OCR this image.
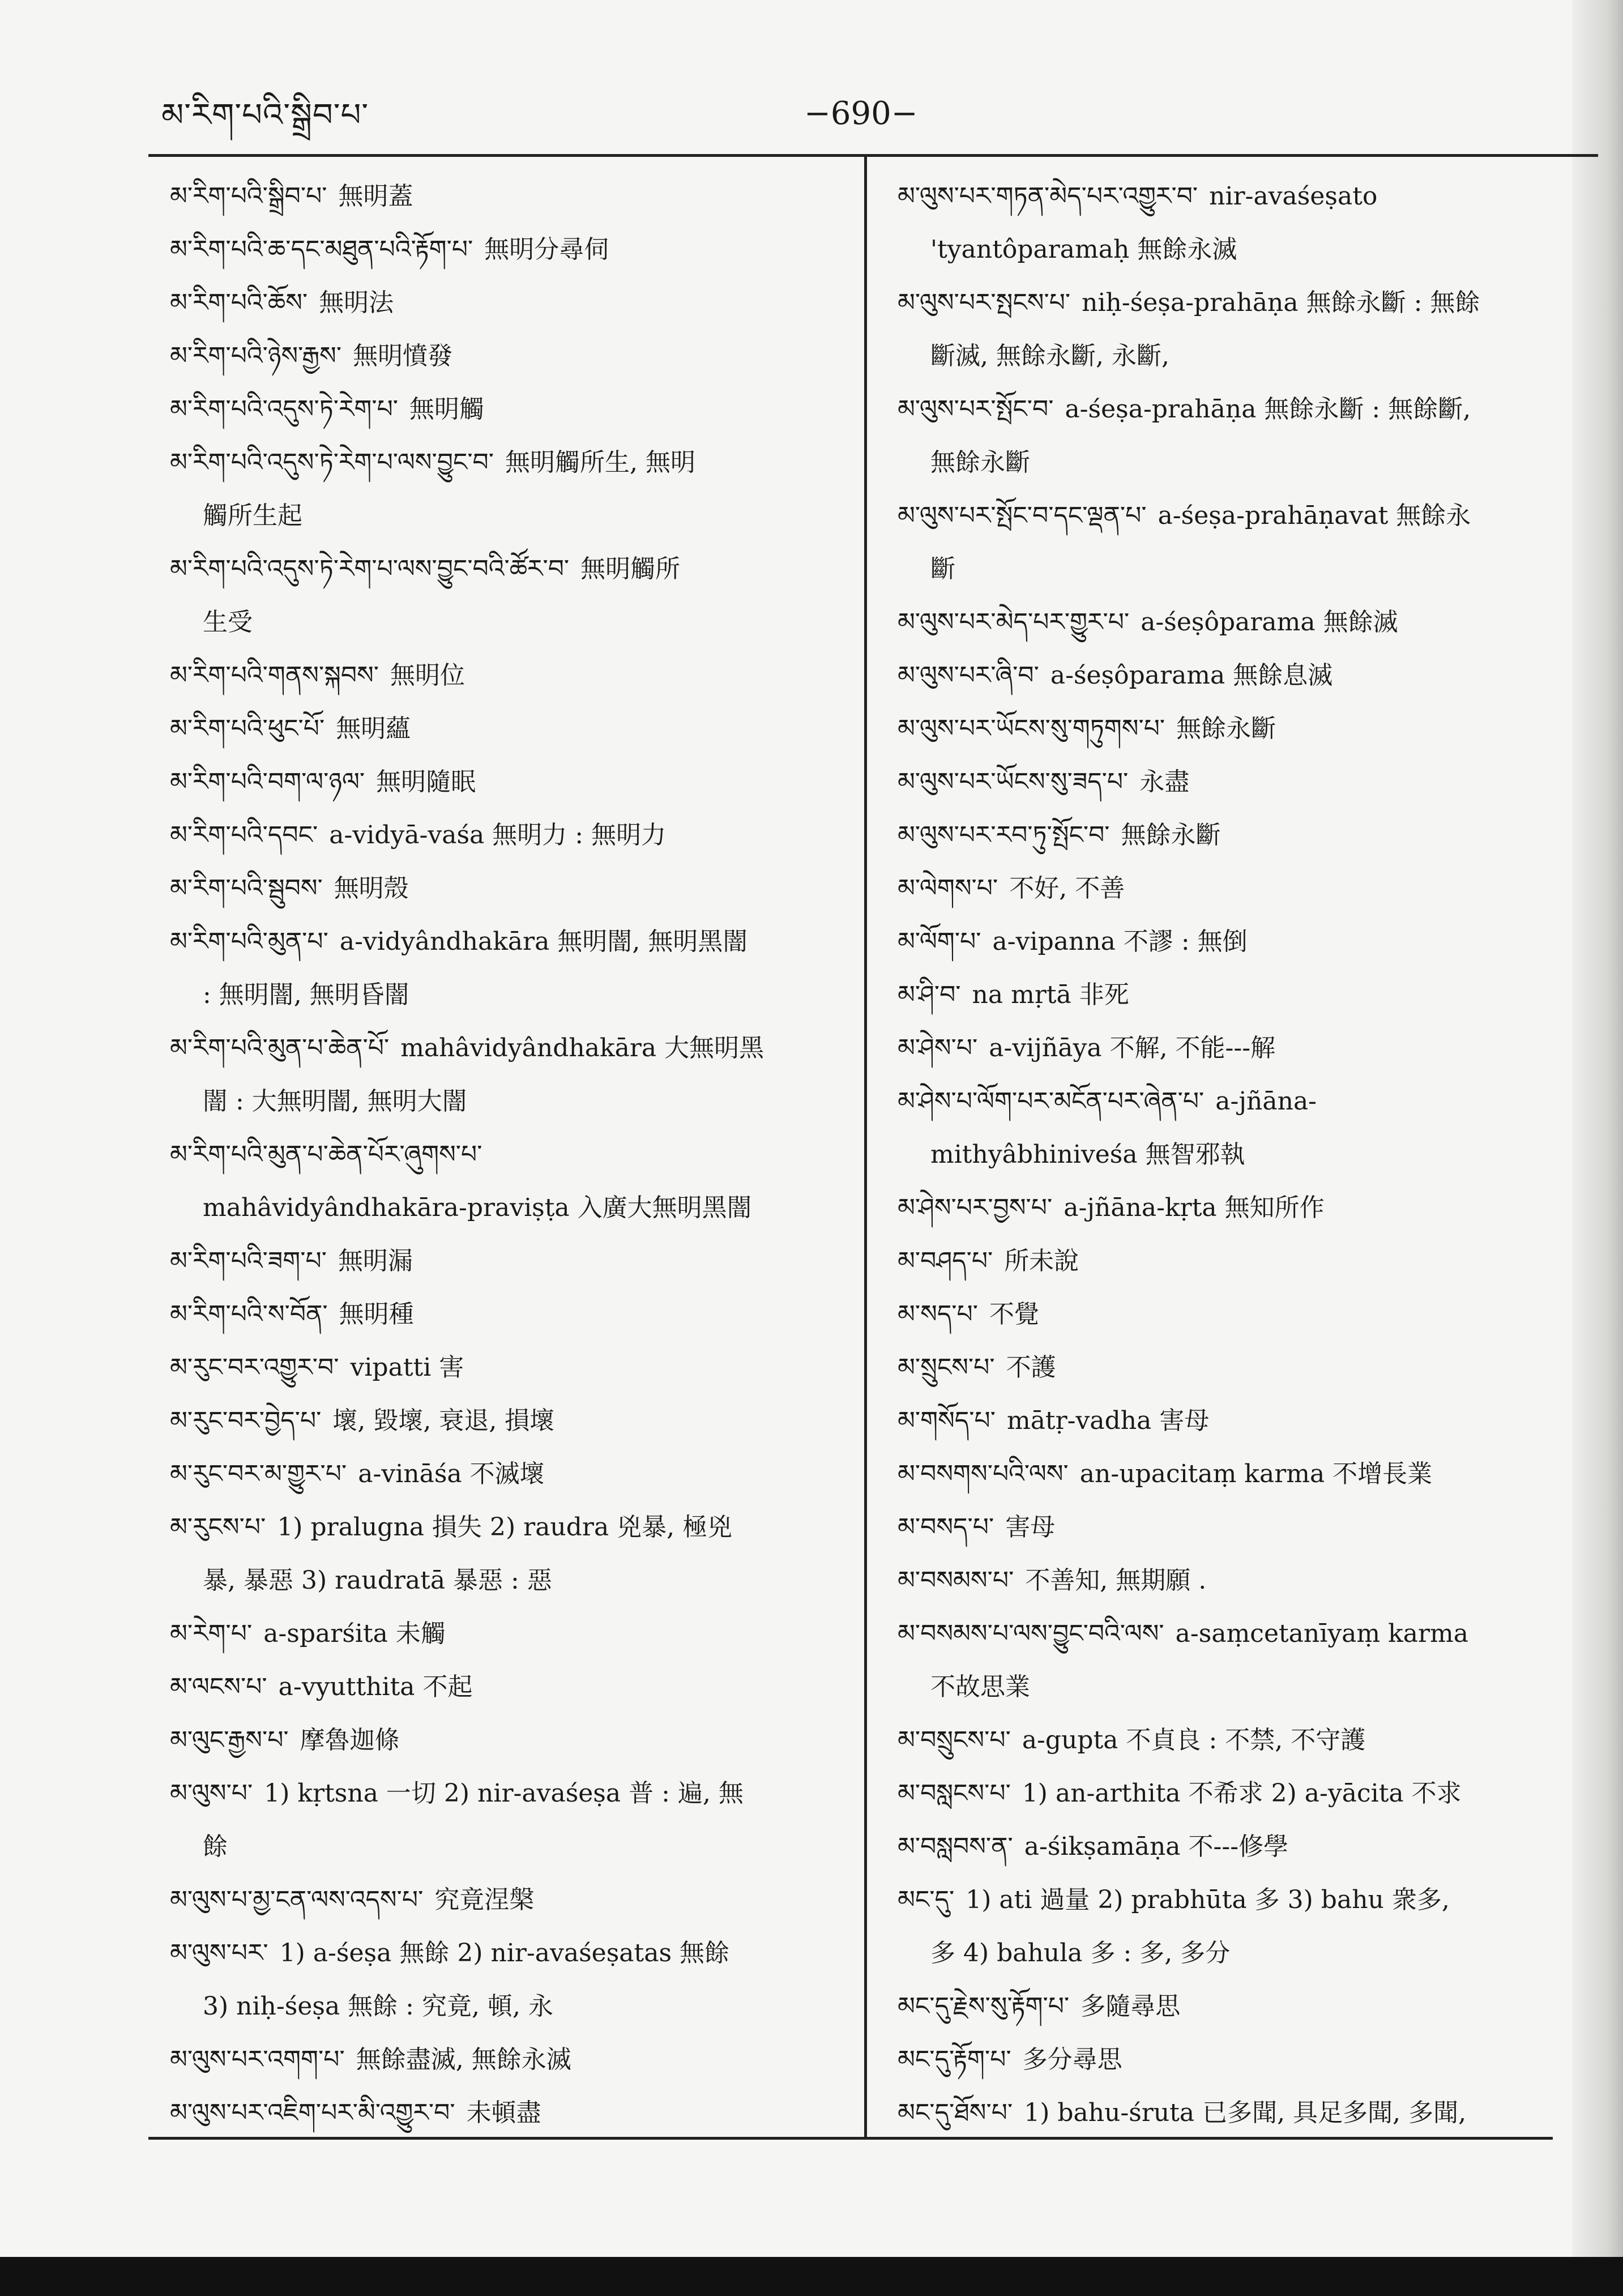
མ་རིག་པའི་སྒྲིབ་པ་	−690−
མ་རིག་པའི་སྒྲིབ་པ་ 無明蓋
མ་རིག་པའི་ཆ་དང་མཐུན་པའི་རྟོག་པ་ 無明分尋伺
མ་རིག་པའི་ཆོས་ 無明法
མ་རིག་པའི་ཉེས་རྒྱས་ 無明憤發
མ་རིག་པའི་འདུས་ཏེ་རེག་པ་ 無明觸
མ་རིག་པའི་འདུས་ཏེ་རེག་པ་ལས་བྱུང་བ་ 無明觸所生, 無明
觸所生起
མ་རིག་པའི་འདུས་ཏེ་རེག་པ་ལས་བྱུང་བའི་ཚོར་བ་ 無明觸所
生受
མ་རིག་པའི་གནས་སྐབས་ 無明位
མ་རིག་པའི་ཕུང་པོ་ 無明蘊
མ་རིག་པའི་བག་ལ་ཉལ་ 無明隨眠
མ་རིག་པའི་དབང་ a-vidyā-vaśa 無明力 : 無明力
མ་རིག་པའི་སྦུབས་ 無明殼
མ་རིག་པའི་མུན་པ་ a-vidyândhakāra 無明闇, 無明黑闇
: 無明闇, 無明昏闇
མ་རིག་པའི་མུན་པ་ཆེན་པོ་ mahâvidyândhakāra 大無明黑
闇 : 大無明闇, 無明大闇
མ་རིག་པའི་མུན་པ་ཆེན་པོར་ཞུགས་པ་
mahâvidyândhakāra-praviṣṭa 入廣大無明黑闇
མ་རིག་པའི་ཟག་པ་ 無明漏
མ་རིག་པའི་ས་བོན་ 無明種
མ་རུང་བར་འགྱུར་བ་ vipatti 害
མ་རུང་བར་བྱེད་པ་ 壞, 毀壞, 衰退, 損壞
མ་རུང་བར་མ་གྱུར་པ་ a-vināśa 不滅壞
མ་རུངས་པ་ 1) pralugna 損失 2) raudra 兇暴, 極兇
暴, 暴惡 3) raudratā 暴惡 : 惡
མ་རེག་པ་ a-sparśita 未觸
མ་ལངས་པ་ a-vyutthita 不起
མ་ལུང་རྒྱས་པ་ 摩魯迦條
མ་ལུས་པ་ 1) kṛtsna 一切 2) nir-avaśeṣa 普 : 遍, 無
餘
མ་ལུས་པ་མྱ་ངན་ལས་འདས་པ་ 究竟涅槃
མ་ལུས་པར་ 1) a-śeṣa 無餘 2) nir-avaśeṣatas 無餘
3) niḥ-śeṣa 無餘 : 究竟, 頓, 永
མ་ལུས་པར་འགག་པ་ 無餘盡滅, 無餘永滅
མ་ལུས་པར་འཇིག་པར་མི་འགྱུར་བ་ 未頓盡
མ་ལུས་པར་གཏན་མེད་པར་འགྱུར་བ་ nir-avaśeṣato
'tyantôparamaḥ 無餘永滅
མ་ལུས་པར་སྤངས་པ་ niḥ-śeṣa-prahāṇa 無餘永斷 : 無餘
斷滅, 無餘永斷, 永斷,
མ་ལུས་པར་སྤོང་བ་ a-śeṣa-prahāṇa 無餘永斷 : 無餘斷,
無餘永斷
མ་ལུས་པར་སྤོང་བ་དང་ལྡན་པ་ a-śeṣa-prahāṇavat 無餘永
斷
མ་ལུས་པར་མེད་པར་གྱུར་པ་ a-śeṣôparama 無餘滅
མ་ལུས་པར་ཞི་བ་ a-śeṣôparama 無餘息滅
མ་ལུས་པར་ཡོངས་སུ་གཏུགས་པ་ 無餘永斷
མ་ལུས་པར་ཡོངས་སུ་ཟད་པ་ 永盡
མ་ལུས་པར་རབ་ཏུ་སྤོང་བ་ 無餘永斷
མ་ལེགས་པ་ 不好, 不善
མ་ལོག་པ་ a-vipanna 不謬 : 無倒
མ་ཤི་བ་ na mṛtā 非死
མ་ཤེས་པ་ a-vijñāya 不解, 不能---解
མ་ཤེས་པ་ལོག་པར་མངོན་པར་ཞེན་པ་ a-jñāna-
mithyâbhiniveśa 無智邪執
མ་ཤེས་པར་བྱས་པ་ a-jñāna-kṛta 無知所作
མ་བཤད་པ་ 所未說
མ་སད་པ་ 不覺
མ་སྲུངས་པ་ 不護
མ་གསོད་པ་ mātṛ-vadha 害母
མ་བསགས་པའི་ལས་ an-upacitaṃ karma 不增長業
མ་བསད་པ་ 害母
མ་བསམས་པ་ 不善知, 無期願 .
མ་བསམས་པ་ལས་བྱུང་བའི་ལས་ a-saṃcetanīyaṃ karma
不故思業
མ་བསྲུངས་པ་ a-gupta 不貞良 : 不禁, 不守護
མ་བསླངས་པ་ 1) an-arthita 不希求 2) a-yācita 不求
མ་བསླབས་ན་ a-śikṣamāṇa 不---修學
མང་དུ་ 1) ati 過量 2) prabhūta 多 3) bahu 衆多,
多 4) bahula 多 : 多, 多分
མང་དུ་རྗེས་སུ་རྟོག་པ་ 多隨尋思
མང་དུ་རྟོག་པ་ 多分尋思
མང་དུ་ཐོས་པ་ 1) bahu-śruta 已多聞, 具足多聞, 多聞,
